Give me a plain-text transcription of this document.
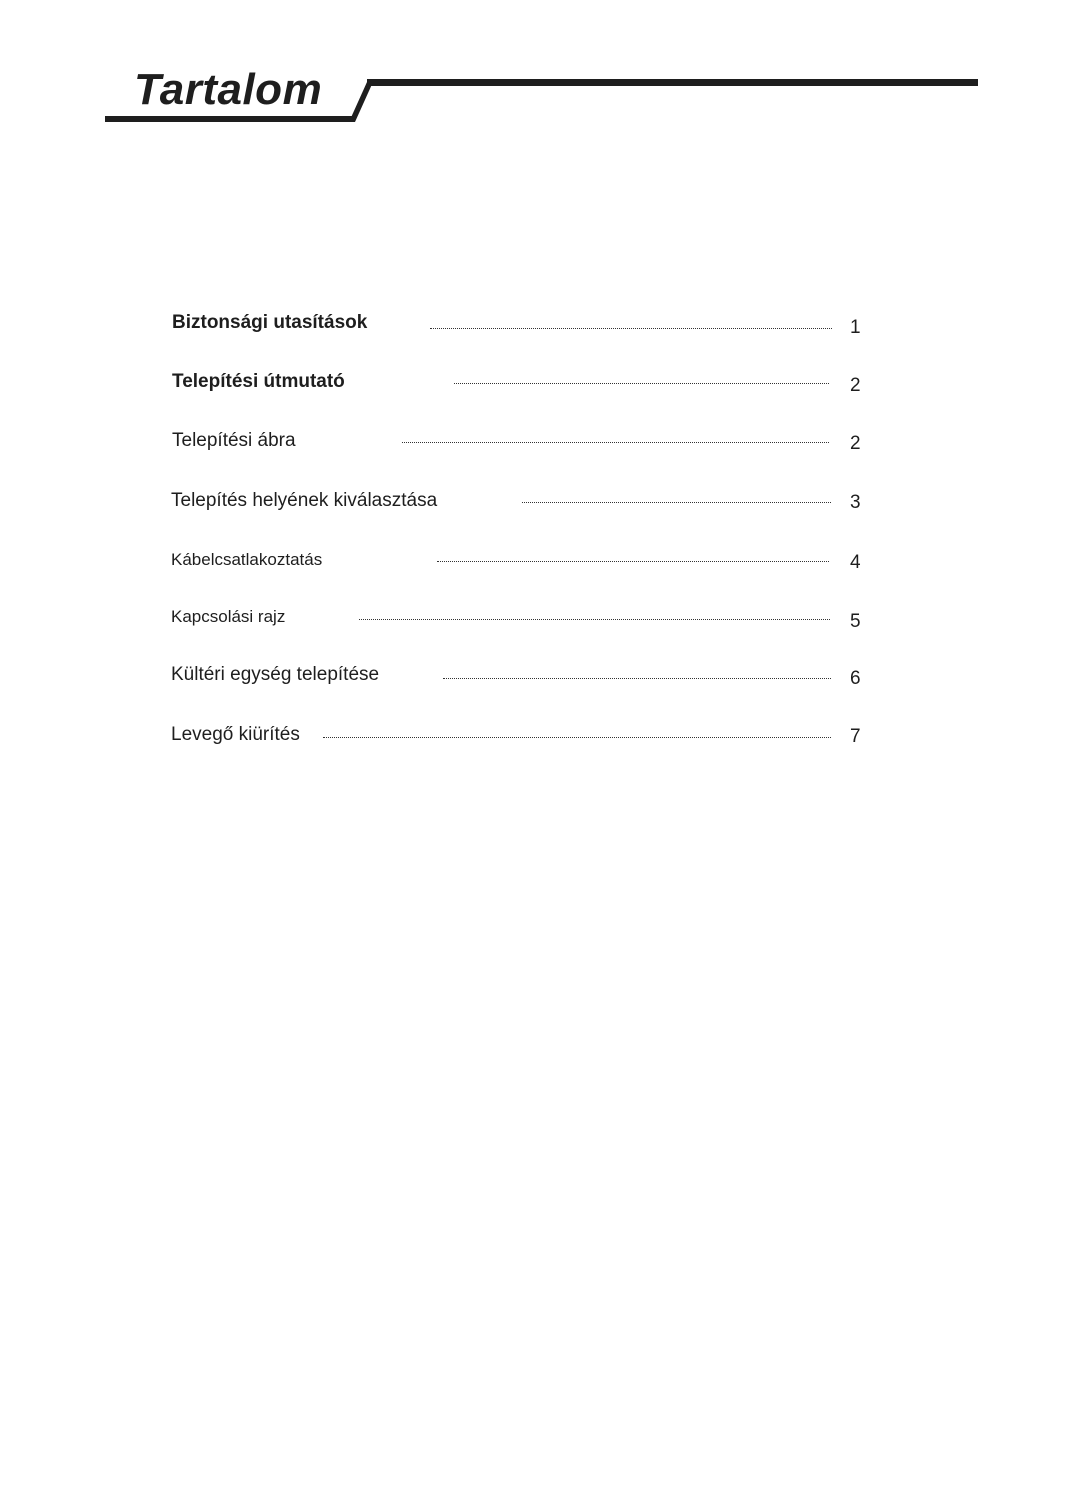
Tartalom
Biztonsági utasítások	1
Telepítési útmutató	2
Telepítési ábra	2
Telepítés helyének kiválasztása	3
Kábelcsatlakoztatás	4
Kapcsolási rajz	5
Kültéri egység telepítése	6
Levegő kiürítés	7
